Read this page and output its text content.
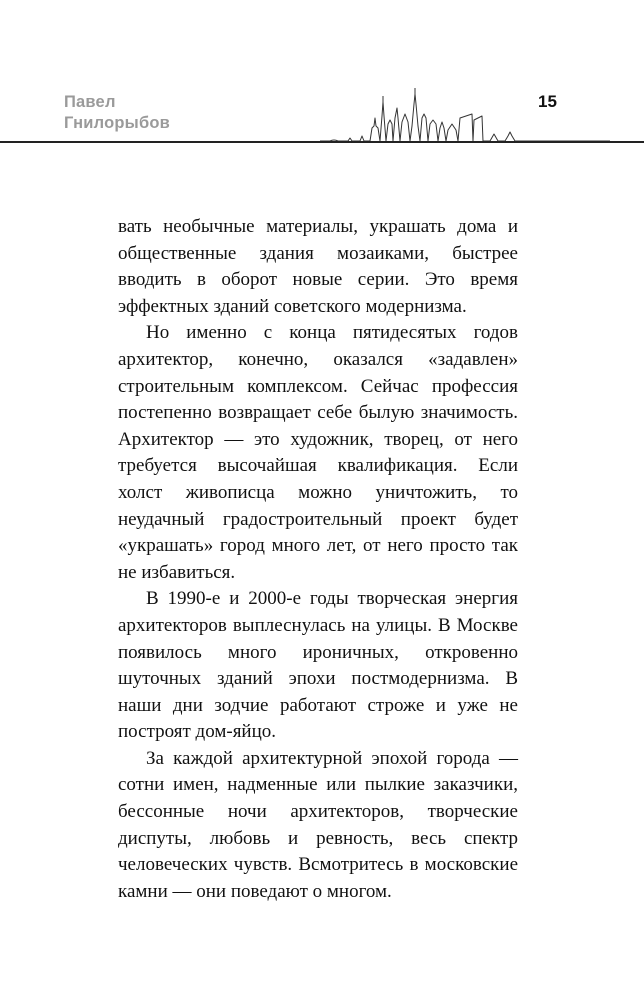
Павел
Гнилорыбов
15

вать необычные материалы, украшать дома и общественные здания мозаиками, быстрее вводить в оборот новые серии. Это время эффектных зданий советского модернизма.

Но именно с конца пятидесятых годов архитектор, конечно, оказался «задавлен» строительным комплексом. Сейчас профессия постепенно возвращает себе былую значимость. Архитектор — это художник, творец, от него требуется высочайшая квалификация. Если холст живописца можно уничтожить, то неудачный градостроительный проект будет «украшать» город много лет, от него просто так не избавиться.

В 1990-е и 2000-е годы творческая энергия архитекторов выплеснулась на улицы. В Москве появилось много ироничных, откровенно шуточных зданий эпохи постмодернизма. В наши дни зодчие работают строже и уже не построят дом-яйцо.

За каждой архитектурной эпохой города — сотни имен, надменные или пылкие заказчики, бессонные ночи архитекторов, творческие диспуты, любовь и ревность, весь спектр человеческих чувств. Всмотритесь в московские камни — они поведают о многом.
